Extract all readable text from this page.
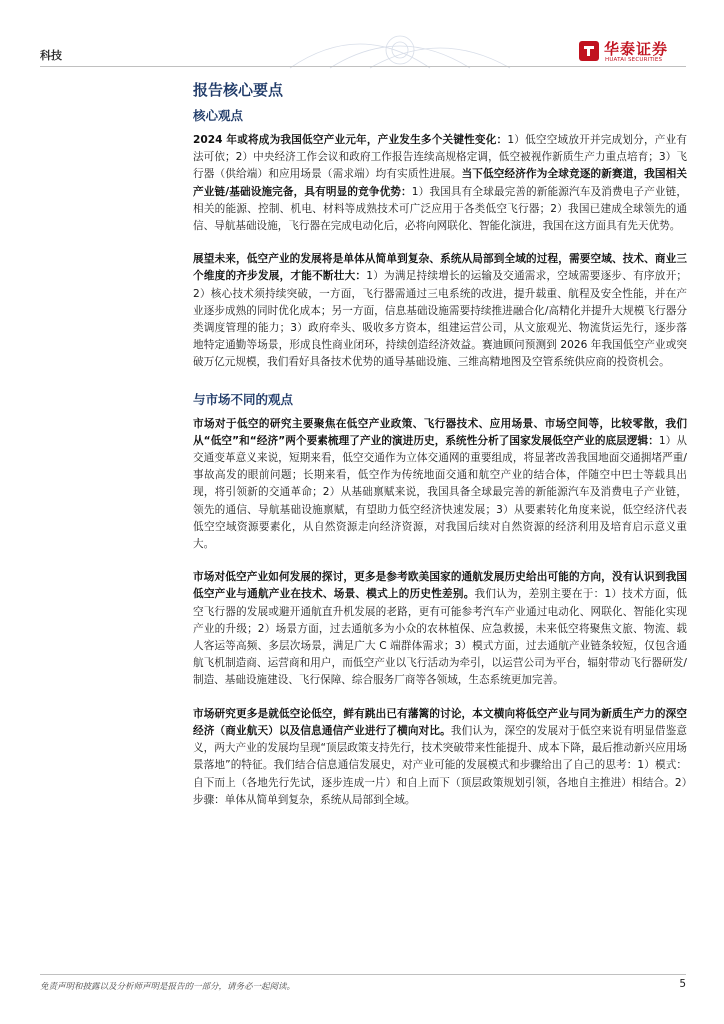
科技	华泰证券
HUATAI SECURITIES
报告核心要点
核心观点

2024 年或将成为我国低空产业元年，产业发生多个关键性变化：1）低空空域放开并完成划分，产业有法可依；2）中央经济工作会议和政府工作报告连续高规格定调，低空被视作新质生产力重点培育；3）飞行器（供给端）和应用场景（需求端）均有实质性进展。当下低空经济作为全球竞逐的新赛道，我国相关产业链/基础设施完备，具有明显的竞争优势：1）我国具有全球最完善的新能源汽车及消费电子产业链，相关的能源、控制、机电、材料等成熟技术可广泛应用于各类低空飞行器；2）我国已建成全球领先的通信、导航基础设施，飞行器在完成电动化后，必将向网联化、智能化演进，我国在这方面具有先天优势。

展望未来，低空产业的发展将是单体从简单到复杂、系统从局部到全域的过程，需要空域、技术、商业三个维度的齐步发展，才能不断壮大：1）为满足持续增长的运输及交通需求，空域需要逐步、有序放开；2）核心技术须持续突破，一方面，飞行器需通过三电系统的改进，提升载重、航程及安全性能，并在产业逐步成熟的同时优化成本；另一方面，信息基础设施需要持续推进融合化/高精化并提升大规模飞行器分类调度管理的能力；3）政府牵头、吸收多方资本，组建运营公司，从文旅观光、物流货运先行，逐步落地特定通勤等场景，形成良性商业闭环，持续创造经济效益。赛迪顾问预测到 2026 年我国低空产业或突破万亿元规模，我们看好具备技术优势的通导基础设施、三维高精地图及空管系统供应商的投资机会。

与市场不同的观点

市场对于低空的研究主要聚焦在低空产业政策、飞行器技术、应用场景、市场空间等，比较零散，我们从“低空”和“经济”两个要素梳理了产业的演进历史，系统性分析了国家发展低空产业的底层逻辑：1）从交通变革意义来说，短期来看，低空交通作为立体交通网的重要组成，将显著改善我国地面交通拥堵严重/事故高发的眼前问题；长期来看，低空作为传统地面交通和航空产业的结合体，伴随空中巴士等载具出现，将引领新的交通革命；2）从基础禀赋来说，我国具备全球最完善的新能源汽车及消费电子产业链，领先的通信、导航基础设施禀赋，有望助力低空经济快速发展；3）从要素转化角度来说，低空经济代表低空空域资源要素化，从自然资源走向经济资源，对我国后续对自然资源的经济利用及培育启示意义重大。

市场对低空产业如何发展的探讨，更多是参考欧美国家的通航发展历史给出可能的方向，没有认识到我国低空产业与通航产业在技术、场景、模式上的历史性差别。我们认为，差别主要在于：1）技术方面，低空飞行器的发展或避开通航直升机发展的老路，更有可能参考汽车产业通过电动化、网联化、智能化实现产业的升级；2）场景方面，过去通航多为小众的农林植保、应急救援，未来低空将聚焦文旅、物流、载人客运等高频、多层次场景，满足广大 C 端群体需求；3）模式方面，过去通航产业链条较短，仅包含通航飞机制造商、运营商和用户，而低空产业以飞行活动为牵引，以运营公司为平台，辐射带动飞行器研发/制造、基础设施建设、飞行保障、综合服务厂商等各领域，生态系统更加完善。

市场研究更多是就低空论低空，鲜有跳出已有藩篱的讨论，本文横向将低空产业与同为新质生产力的深空经济（商业航天）以及信息通信产业进行了横向对比。我们认为，深空的发展对于低空来说有明显借鉴意义，两大产业的发展均呈现“顶层政策支持先行，技术突破带来性能提升、成本下降，最后推动新兴应用场景落地”的特征。我们结合信息通信发展史，对产业可能的发展模式和步骤给出了自己的思考：1）模式：自下而上（各地先行先试，逐步连成一片）和自上而下（顶层政策规划引领，各地自主推进）相结合。2）步骤：单体从简单到复杂，系统从局部到全域。

免责声明和披露以及分析师声明是报告的一部分，请务必一起阅读。	5
